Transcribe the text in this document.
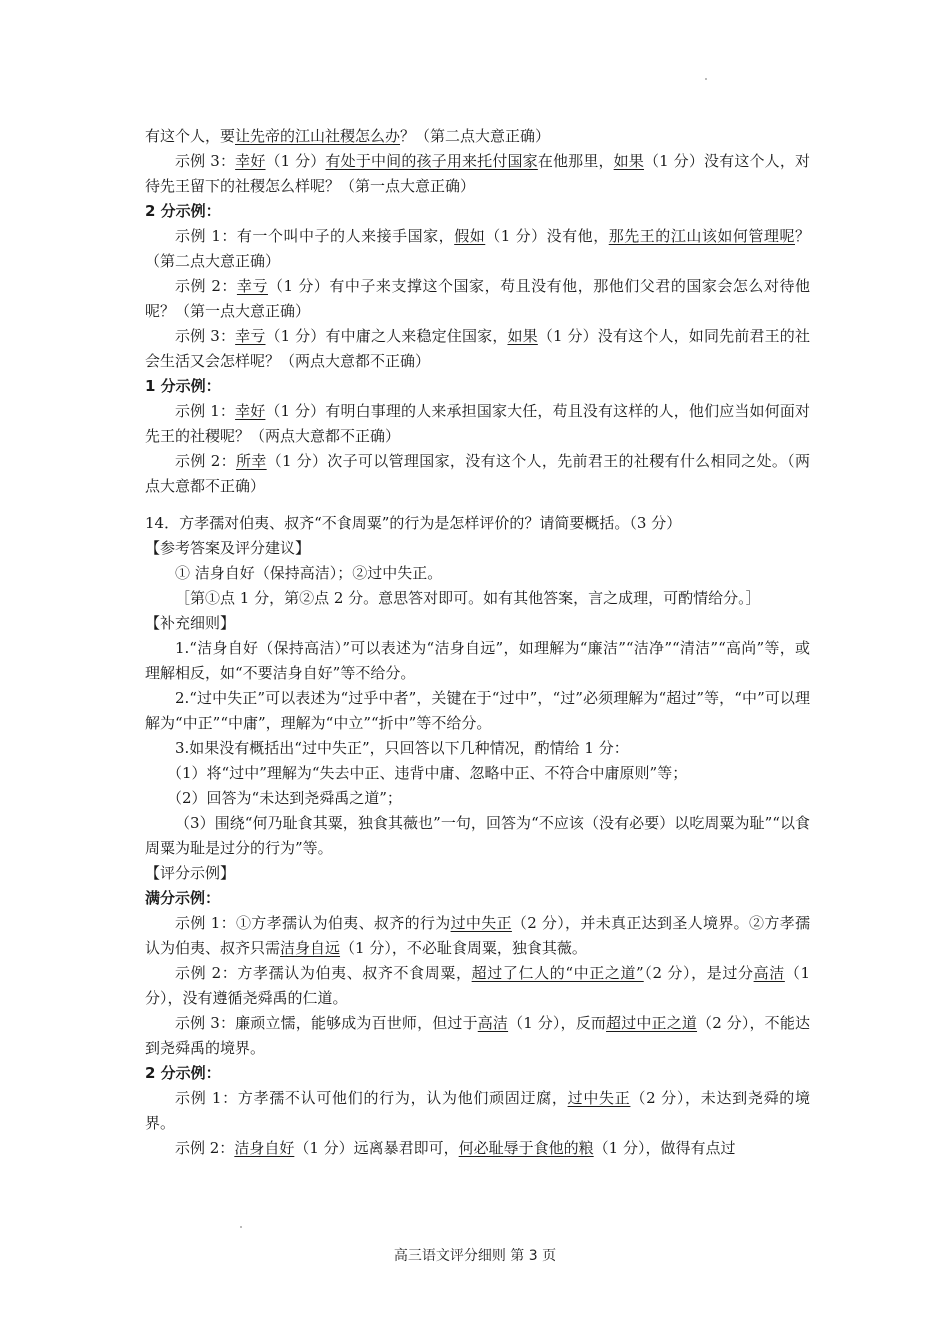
有这个人，要让先帝的江山社稷怎么办？（第二点大意正确）
示例 3：幸好（1 分）有处于中间的孩子用来托付国家在他那里，如果（1 分）没有这个人，对待先王留下的社稷怎么样呢？（第一点大意正确）
2 分示例：
示例 1：有一个叫中子的人来接手国家，假如（1 分）没有他，那先王的江山该如何管理呢？（第二点大意正确）
示例 2：幸亏（1 分）有中子来支撑这个国家，苟且没有他，那他们父君的国家会怎么对待他呢？（第一点大意正确）
示例 3：幸亏（1 分）有中庸之人来稳定住国家，如果（1 分）没有这个人，如同先前君王的社会生活又会怎样呢？（两点大意都不正确）
1 分示例：
示例 1：幸好（1 分）有明白事理的人来承担国家大任，苟且没有这样的人，他们应当如何面对先王的社稷呢？（两点大意都不正确）
示例 2：所幸（1 分）次子可以管理国家，没有这个人，先前君王的社稷有什么相同之处。（两点大意都不正确）
14．方孝孺对伯夷、叔齐“不食周粟”的行为是怎样评价的？请简要概括。（3 分）
【参考答案及评分建议】
① 洁身自好（保持高洁）；②过中失正。
［第①点 1 分，第②点 2 分。意思答对即可。如有其他答案，言之成理，可酌情给分。］
【补充细则】
1.“洁身自好（保持高洁）”可以表述为“洁身自远”，如理解为“廉洁”“洁净”“清洁”“高尚”等，或理解相反，如“不要洁身自好”等不给分。
2.“过中失正”可以表述为“过乎中者”，关键在于“过中”，“过”必须理解为“超过”等，“中”可以理解为“中正”“中庸”，理解为“中立”“折中”等不给分。
3.如果没有概括出“过中失正”，只回答以下几种情况，酌情给 1 分：
（1）将“过中”理解为“失去中正、违背中庸、忽略中正、不符合中庸原则”等；
（2）回答为“未达到尧舜禹之道”；
（3）围绕“何乃耻食其粟，独食其薇也”一句，回答为“不应该（没有必要）以吃周粟为耻”“以食周粟为耻是过分的行为”等。
【评分示例】
满分示例：
示例 1：①方孝孺认为伯夷、叔齐的行为过中失正（2 分），并未真正达到圣人境界。②方孝孺认为伯夷、叔齐只需洁身自远（1 分），不必耻食周粟，独食其薇。
示例 2：方孝孺认为伯夷、叔齐不食周粟，超过了仁人的“中正之道”（2 分），是过分高洁（1 分），没有遵循尧舜禹的仁道。
示例 3：廉顽立懦，能够成为百世师，但过于高洁（1 分），反而超过中正之道（2 分），不能达到尧舜禹的境界。
2 分示例：
示例 1：方孝孺不认可他们的行为，认为他们顽固迂腐，过中失正（2 分），未达到尧舜的境界。
示例 2：洁身自好（1 分）远离暴君即可，何必耻辱于食他的粮（1 分），做得有点过
高三语文评分细则 第 3 页
